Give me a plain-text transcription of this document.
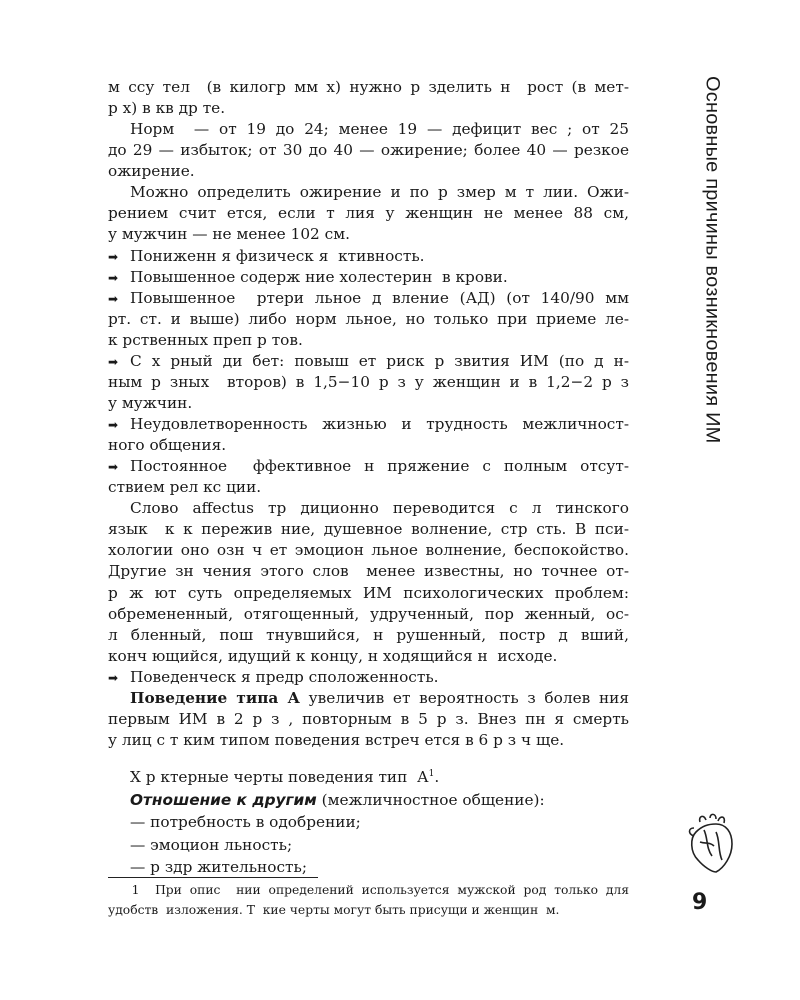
м ссу тел  (в килогр мм х) нужно р зделить н  рост (в мет-
р х) в кв др те.
Норм  — от 19 до 24; менее 19 — дефицит вес ; от 25
до 29 — избыток; от 30 до 40 — ожирение; более 40 — резкое
ожирение.
Можно определить ожирение и по р змер м т лии. Ожи-
рением счит ется, если т лия у женщин не менее 88 см,
у мужчин — не менее 102 см.
➡ Пониженн я физическ я  ктивность.
➡ Повышенное содерж ние холестерин  в крови.
➡ Повышенное  ртери льное д вление (АД) (от 140/90 мм
рт. ст. и выше) либо норм льное, но только при приеме ле-
к рственных преп р тов.
➡ С х рный ди бет: повыш ет риск р звития ИМ (по д н-
ным р зных  второв) в 1,5−10 р з у женщин и в 1,2−2 р з
у мужчин.
➡ Неудовлетворенность жизнью и трудность межличност-
ного общения.
➡ Постоянное  ффективное н пряжение с полным отсут-
ствием рел кс ции.
Слово affectus тр диционно переводится с л тинского
язык  к к пережив ние, душевное волнение, стр сть. В пси-
хологии оно озн ч ет эмоцион льное волнение, беспокойство.
Другие зн чения этого слов  менее известны, но точнее от-
р ж ют суть определяемых ИМ психологических проблем:
обремененный, отягощенный, удрученный, пор женный, ос-
л бленный, пош тнувшийся, н рушенный, постр д вший,
конч ющийся, идущий к концу, н ходящийся н  исходе.
➡ Поведенческ я предр сположенность.
Поведение типа А увеличив ет вероятность з болев ния
первым ИМ в 2 р з , повторным в 5 р з. Внез пн я смерть
у лиц с т ким типом поведения встреч ется в 6 р з ч ще.
Х р ктерные черты поведения тип  $А^1$.
Отношение к другим (межличностное общение):
— потребность в одобрении;
— эмоцион льность;
— р здр жительность;
1  При опис  нии определений используется мужской род только для
удобств  изложения. Т  кие черты могут быть присущи и женщин  м.
Основные причины возникновения ИМ
9
